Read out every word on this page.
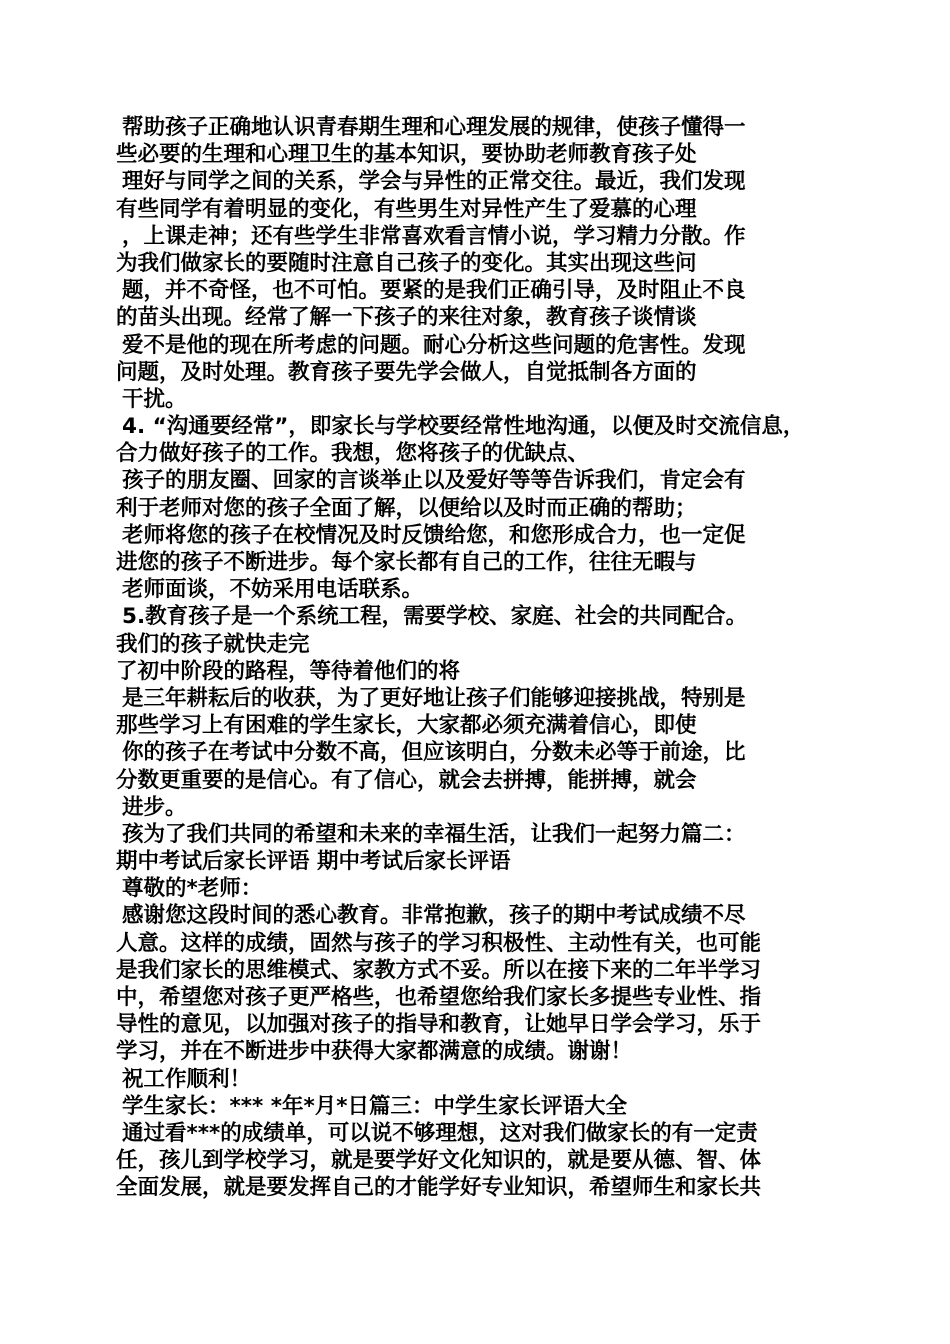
帮助孩子正确地认识青春期生理和心理发展的规律，使孩子懂得一
些必要的生理和心理卫生的基本知识，要协助老师教育孩子处
理好与同学之间的关系，学会与异性的正常交往。最近，我们发现
有些同学有着明显的变化，有些男生对异性产生了爱慕的心理
，上课走神；还有些学生非常喜欢看言情小说，学习精力分散。作
为我们做家长的要随时注意自己孩子的变化。其实出现这些问
题，并不奇怪，也不可怕。要紧的是我们正确引导，及时阻止不良
的苗头出现。经常了解一下孩子的来往对象，教育孩子谈情谈
爱不是他的现在所考虑的问题。耐心分析这些问题的危害性。发现
问题，及时处理。教育孩子要先学会做人，自觉抵制各方面的
干扰。
4. “沟通要经常”，即家长与学校要经常性地沟通，以便及时交流信息，
合力做好孩子的工作。我想，您将孩子的优缺点、
孩子的朋友圈、回家的言谈举止以及爱好等等告诉我们，肯定会有
利于老师对您的孩子全面了解，以便给以及时而正确的帮助；
老师将您的孩子在校情况及时反馈给您，和您形成合力，也一定促
进您的孩子不断进步。每个家长都有自己的工作，往往无暇与
老师面谈，不妨采用电话联系。
5.教育孩子是一个系统工程，需要学校、家庭、社会的共同配合。
我们的孩子就快走完
了初中阶段的路程，等待着他们的将
是三年耕耘后的收获，为了更好地让孩子们能够迎接挑战，特别是
那些学习上有困难的学生家长，大家都必须充满着信心，即使
你的孩子在考试中分数不高，但应该明白，分数未必等于前途，比
分数更重要的是信心。有了信心，就会去拼搏，能拼搏，就会
进步。
孩为了我们共同的希望和未来的幸福生活，让我们一起努力篇二：
期中考试后家长评语 期中考试后家长评语
尊敬的*老师：
感谢您这段时间的悉心教育。非常抱歉，孩子的期中考试成绩不尽
人意。这样的成绩，固然与孩子的学习积极性、主动性有关，也可能
是我们家长的思维模式、家教方式不妥。所以在接下来的二年半学习
中，希望您对孩子更严格些，也希望您给我们家长多提些专业性、指
导性的意见，以加强对孩子的指导和教育，让她早日学会学习，乐于
学习，并在不断进步中获得大家都满意的成绩。谢谢！
祝工作顺利！
学生家长：*** *年*月*日篇三：中学生家长评语大全
通过看***的成绩单，可以说不够理想，这对我们做家长的有一定责
任，孩儿到学校学习，就是要学好文化知识的，就是要从德、智、体
全面发展，就是要发挥自己的才能学好专业知识，希望师生和家长共
